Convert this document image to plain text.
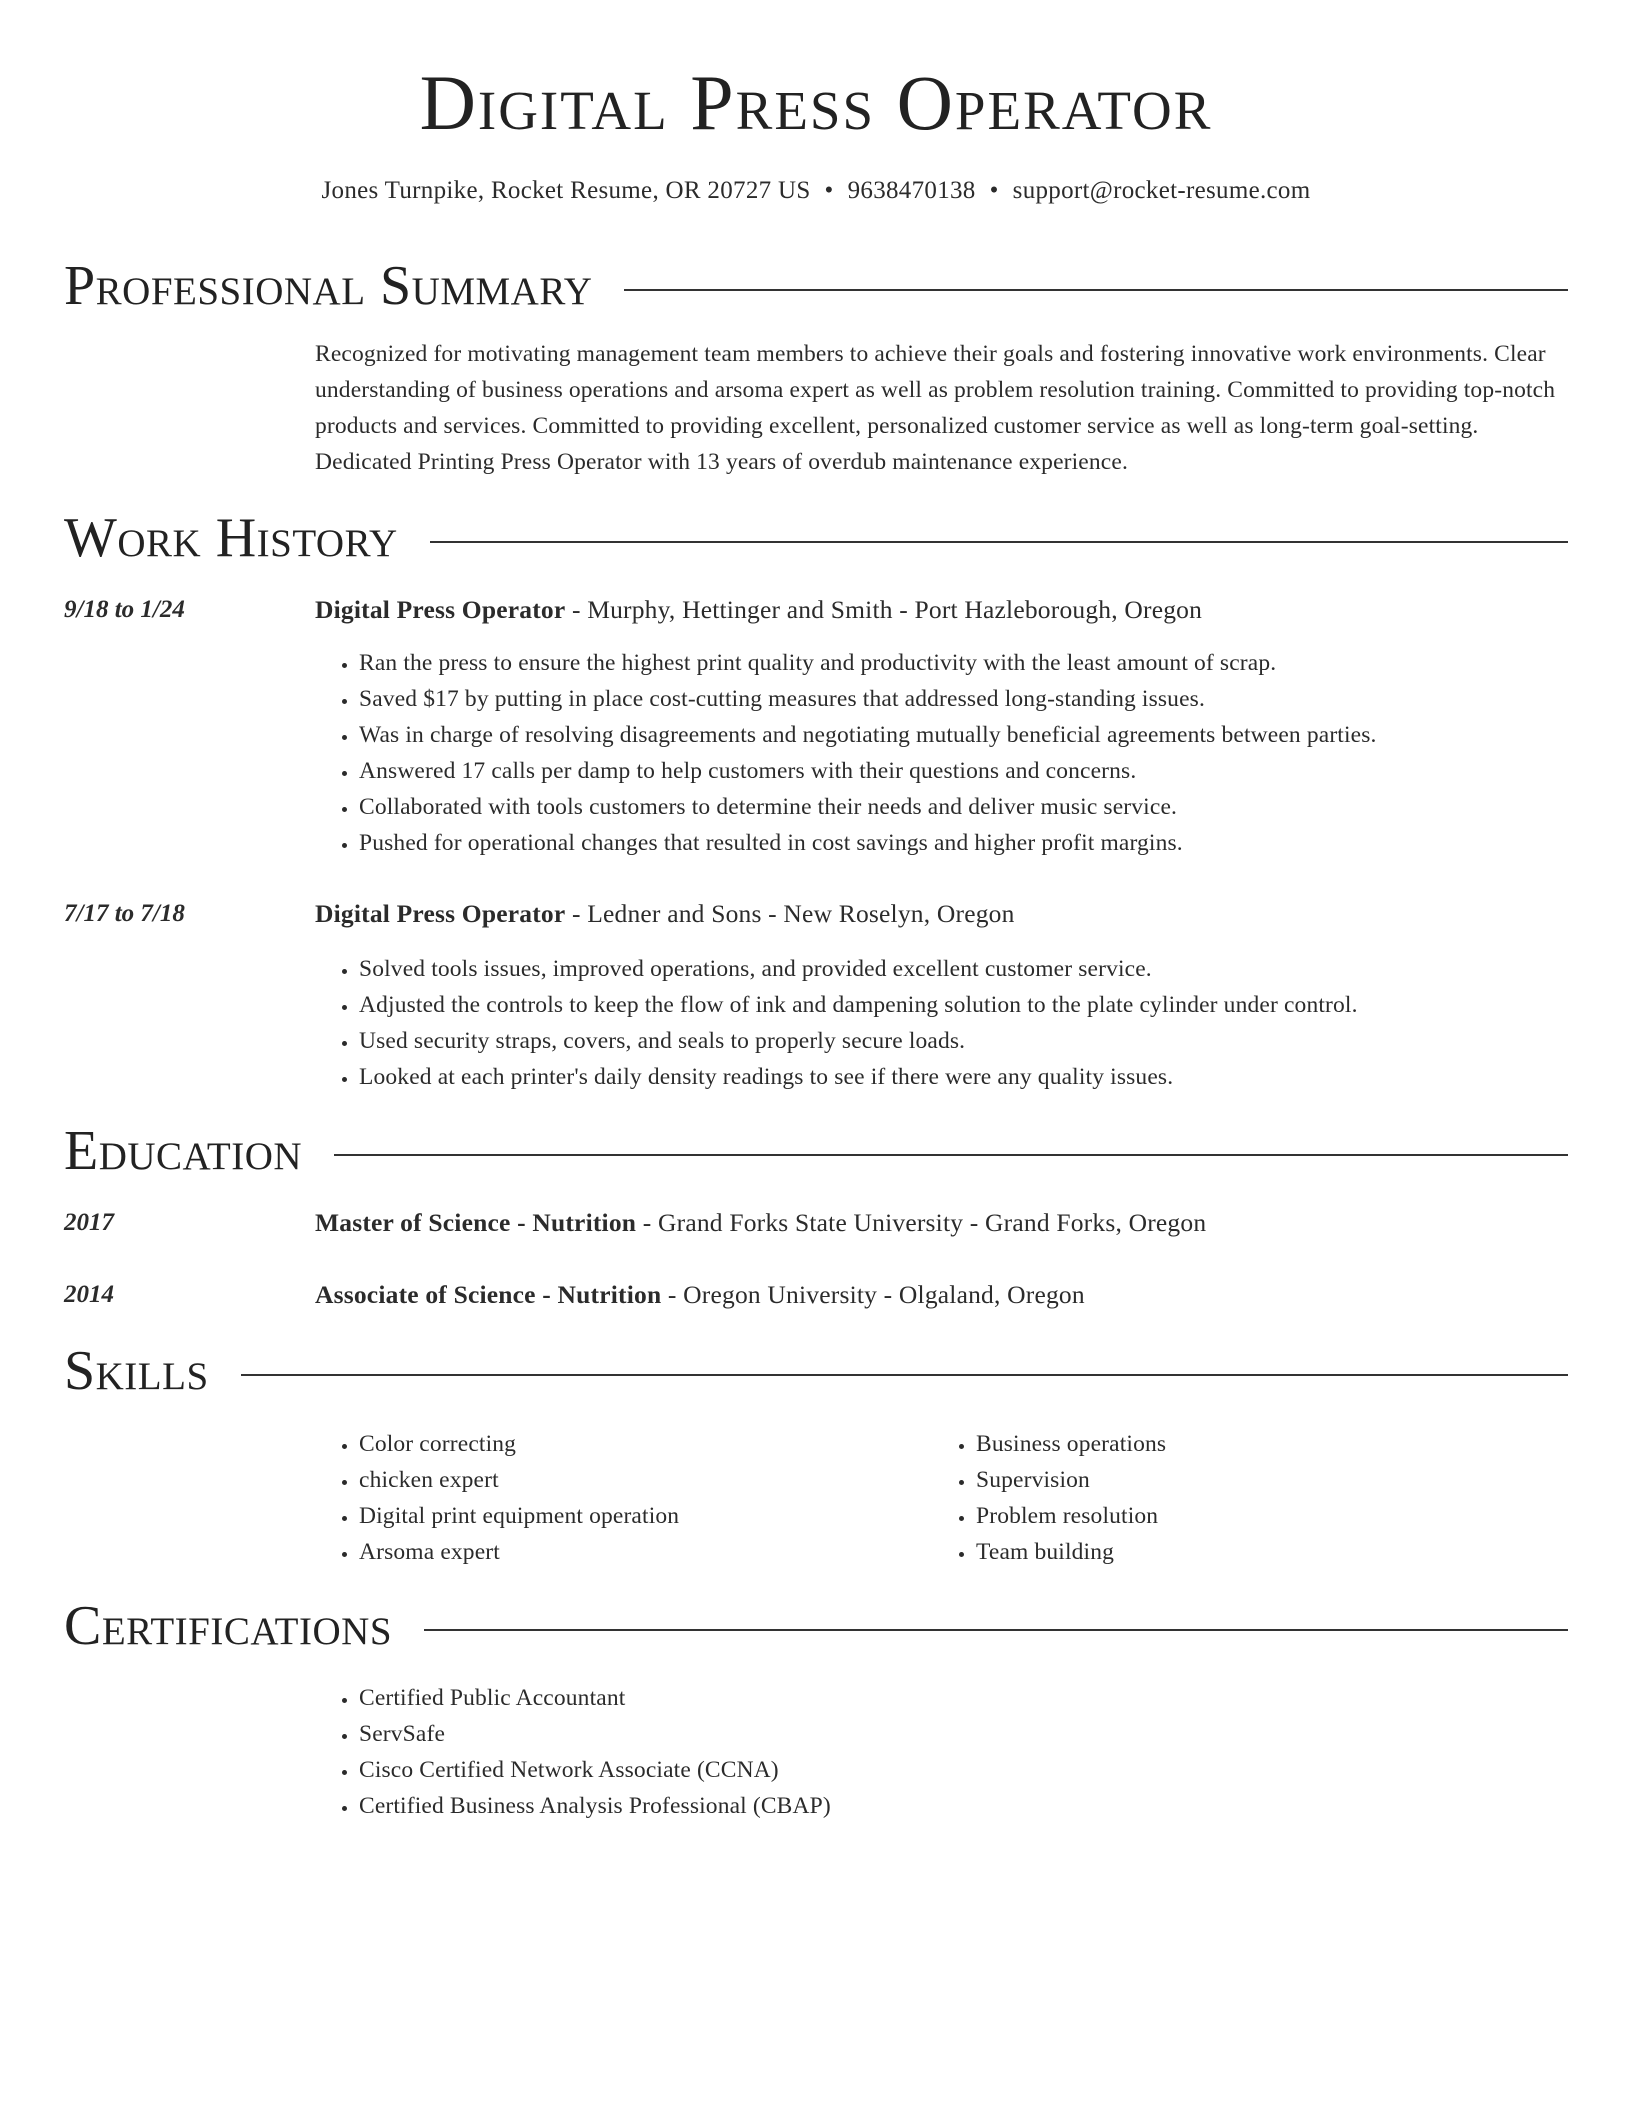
Digital Press Operator
Jones Turnpike, Rocket Resume, OR 20727 US • 9638470138 • support@rocket-resume.com
Professional Summary
Recognized for motivating management team members to achieve their goals and fostering innovative work environments. Clear understanding of business operations and arsoma expert as well as problem resolution training. Committed to providing top-notch products and services. Committed to providing excellent, personalized customer service as well as long-term goal-setting. Dedicated Printing Press Operator with 13 years of overdub maintenance experience.
Work History
9/18 to 1/24	Digital Press Operator - Murphy, Hettinger and Smith - Port Hazleborough, Oregon
• Ran the press to ensure the highest print quality and productivity with the least amount of scrap.
• Saved $17 by putting in place cost-cutting measures that addressed long-standing issues.
• Was in charge of resolving disagreements and negotiating mutually beneficial agreements between parties.
• Answered 17 calls per damp to help customers with their questions and concerns.
• Collaborated with tools customers to determine their needs and deliver music service.
• Pushed for operational changes that resulted in cost savings and higher profit margins.
7/17 to 7/18	Digital Press Operator - Ledner and Sons - New Roselyn, Oregon
• Solved tools issues, improved operations, and provided excellent customer service.
• Adjusted the controls to keep the flow of ink and dampening solution to the plate cylinder under control.
• Used security straps, covers, and seals to properly secure loads.
• Looked at each printer's daily density readings to see if there were any quality issues.
Education
2017	Master of Science - Nutrition - Grand Forks State University - Grand Forks, Oregon
2014	Associate of Science - Nutrition - Oregon University - Olgaland, Oregon
Skills
• Color correcting
• chicken expert
• Digital print equipment operation
• Arsoma expert
• Business operations
• Supervision
• Problem resolution
• Team building
Certifications
• Certified Public Accountant
• ServSafe
• Cisco Certified Network Associate (CCNA)
• Certified Business Analysis Professional (CBAP)
